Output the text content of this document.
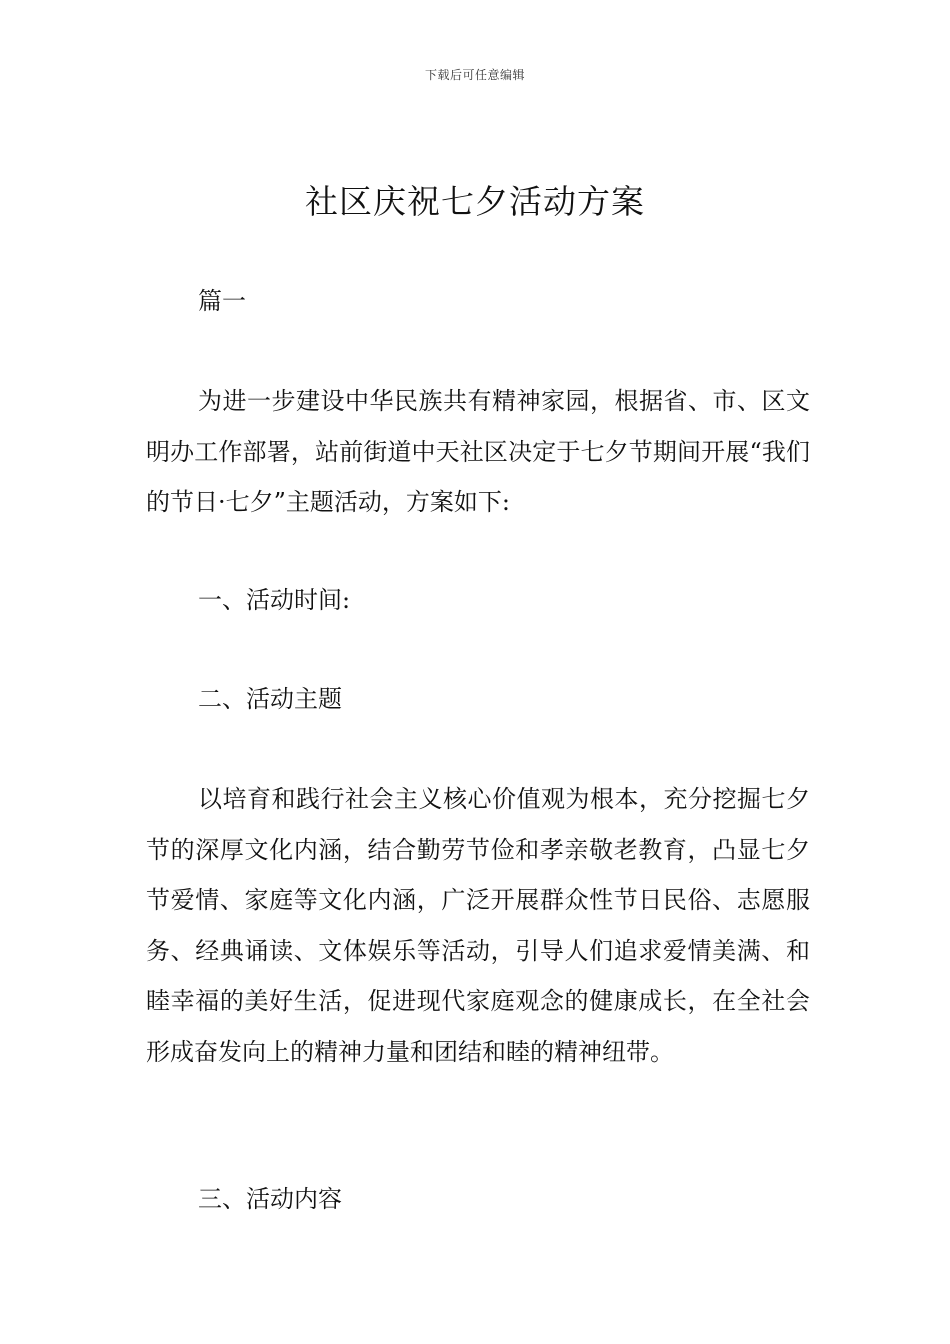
下载后可任意编辑
社区庆祝七夕活动方案

篇一

为进一步建设中华民族共有精神家园，根据省、市、区文明办工作部署，站前街道中天社区决定于七夕节期间开展“我们的节日·七夕”主题活动，方案如下:

一、活动时间:

二、活动主题

以培育和践行社会主义核心价值观为根本，充分挖掘七夕节的深厚文化内涵，结合勤劳节俭和孝亲敬老教育，凸显七夕节爱情、家庭等文化内涵，广泛开展群众性节日民俗、志愿服务、经典诵读、文体娱乐等活动，引导人们追求爱情美满、和睦幸福的美好生活，促进现代家庭观念的健康成长，在全社会形成奋发向上的精神力量和团结和睦的精神纽带。

三、活动内容
